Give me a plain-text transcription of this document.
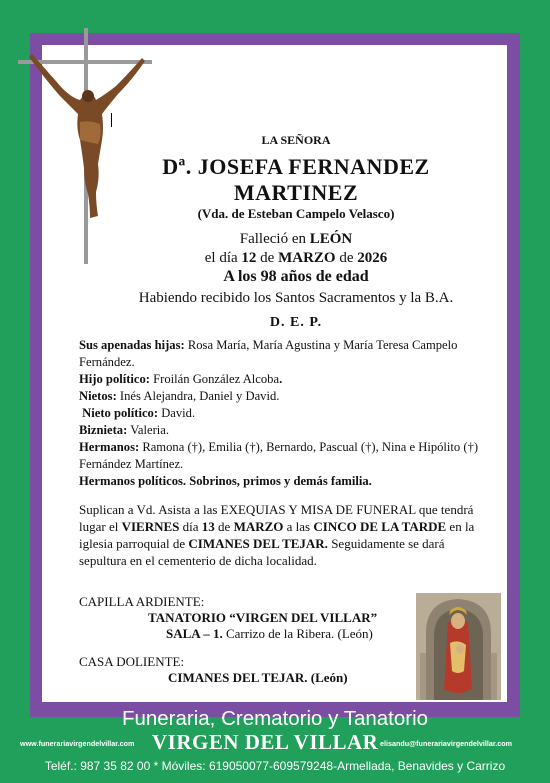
LA SEÑORA
Dª. JOSEFA FERNANDEZ
MARTINEZ
(Vda. de Esteban Campelo Velasco)
Falleció en LEÓN
el día 12 de MARZO de 2026
A los 98 años de edad
Habiendo recibido los Santos Sacramentos y la B.A.
D. E. P.

Sus apenadas hijas: Rosa María, María Agustina y María Teresa Campelo Fernández.

Hijo político: Froilán González Alcoba.

Nietos: Inés Alejandra, Daniel y David.

Nieto político: David.

Biznieta: Valeria.

Hermanos: Ramona (†), Emilia (†), Bernardo, Pascual (†), Nina e Hipólito (†) Fernández Martínez.

Hermanos políticos. Sobrinos, primos y demás familia.

Suplican a Vd. Asista a las EXEQUIAS Y MISA DE FUNERAL que tendrá lugar el VIERNES día 13 de MARZO a las CINCO DE LA TARDE en la iglesia parroquial de CIMANES DEL TEJAR. Seguidamente se dará sepultura en el cementerio de dicha localidad.
CAPILLA ARDIENTE:
TANATORIO “VIRGEN DEL VILLAR”
SALA – 1. Carrizo de la Ribera. (León)
CASA DOLIENTE:
CIMANES DEL TEJAR. (León)
Funeraria, Crematorio y Tanatorio
www.funerariavirgendelvillar.com VIRGEN DEL VILLAR elisandu@funerariavirgendelvillar.com
Teléf.: 987 35 82 00 * Móviles: 619050077-609579248-Armellada, Benavides y Carrizo
